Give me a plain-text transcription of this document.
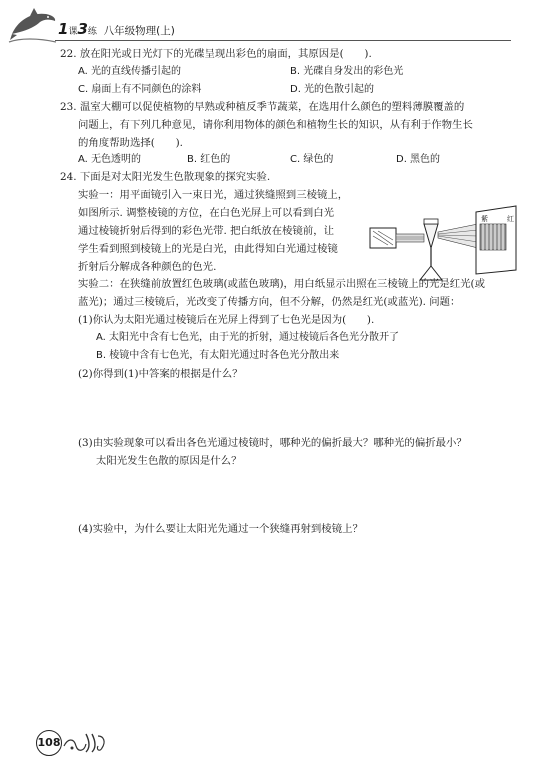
1课3练 八年级物理(上)
22. 放在阳光或日光灯下的光碟呈现出彩色的扇面，其原因是(　　).
A. 光的直线传播引起的	B. 光碟自身发出的彩色光
C. 扇面上有不同颜色的涂料	D. 光的色散引起的
23. 温室大棚可以促使植物的早熟或种植反季节蔬菜，在选用什么颜色的塑料薄膜覆盖的
问题上，有下列几种意见，请你利用物体的颜色和植物生长的知识，从有利于作物生长
的角度帮助选择(　　).
A. 无色透明的	B. 红色的	C. 绿色的	D. 黑色的
24. 下面是对太阳光发生色散现象的探究实验.
实验一：用平面镜引入一束日光，通过狭缝照到三棱镜上，
如图所示. 调整棱镜的方位，在白色光屏上可以看到白光
通过棱镜折射后得到的彩色光带. 把白纸放在棱镜前，让
学生看到照到棱镜上的光是白光，由此得知白光通过棱镜
折射后分解成各种颜色的色光.
紫	红
实验二：在狭缝前放置红色玻璃(或蓝色玻璃)，用白纸显示出照在三棱镜上的光是红光(或
蓝光)；通过三棱镜后，光改变了传播方向，但不分解，仍然是红光(或蓝光). 问题：
(1)你认为太阳光通过棱镜后在光屏上得到了七色光是因为(　　).
A. 太阳光中含有七色光，由于光的折射，通过棱镜后各色光分散开了
B. 棱镜中含有七色光，有太阳光通过时各色光分散出来
(2)你得到(1)中答案的根据是什么？
(3)由实验现象可以看出各色光通过棱镜时，哪种光的偏折最大？哪种光的偏折最小？
太阳光发生色散的原因是什么？
(4)实验中，为什么要让太阳光先通过一个狭缝再射到棱镜上？
108
